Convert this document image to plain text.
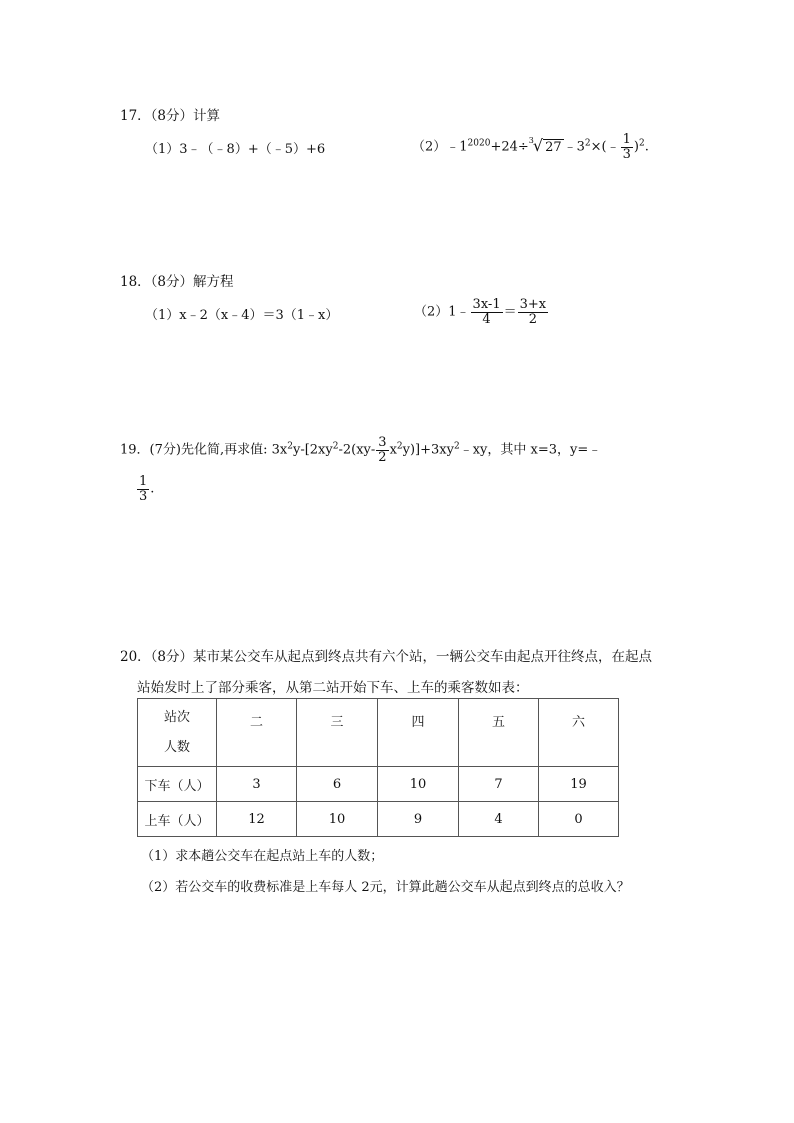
17．（8分）计算
（1）3﹣（﹣8）+（﹣5）+6	$(2)﹣1^{2020}+24\div^3√$ 27 $﹣3^2\times(﹣ \frac{1}{3} )^2$.
18．（8分）解方程
（1）x﹣2（x﹣4）＝3（1﹣x）	（2）1﹣ $\frac{3x-1}{4} = \frac{3+x}{2}$
19．(7分)先化简,再求值: $3x^2y-[2xy^2-2(xy- \frac{3}{2}$ $x^2y)]+3xy^2﹣xy$，其中 x=3，y=﹣
$\frac{1}{3}$ .
20．（8分）某市某公交车从起点到终点共有六个站，一辆公交车由起点开往终点，在起点
站始发时上了部分乘客，从第二站开始下车、上车的乘客数如表：
站次
人数	二	三	四	五	六
下车（人）	3	6	10	7	19
上车（人）	12	10	9	4	0
（1）求本趟公交车在起点站上车的人数；
（2）若公交车的收费标准是上车每人 2元，计算此趟公交车从起点到终点的总收入？
